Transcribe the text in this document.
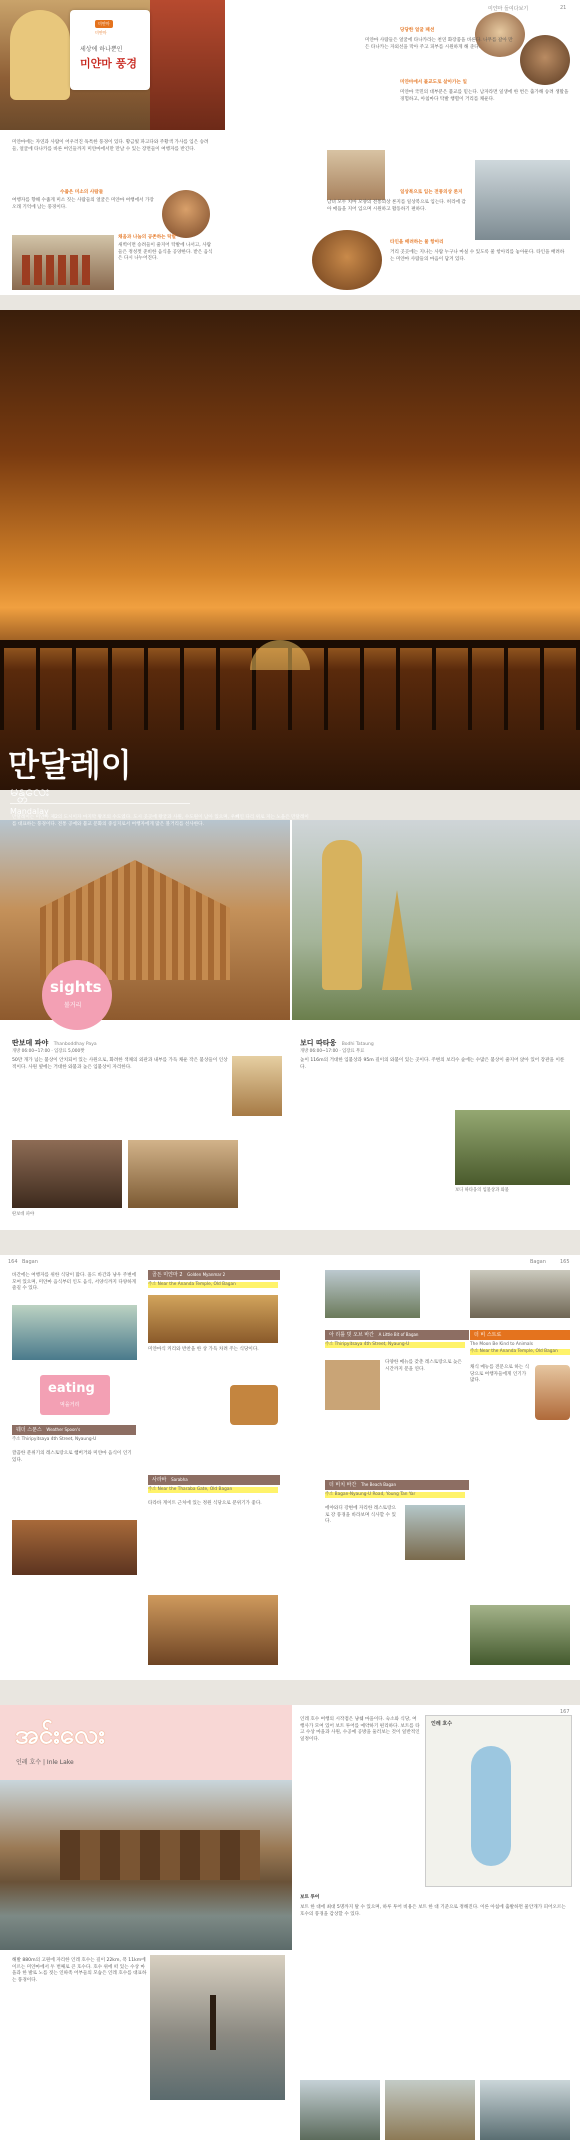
미얀마
미얀마
세상에 하나뿐인
미얀마 풍경
미얀마에는 자연과 사람이 어우러진 독특한 풍경이 있다. 황금빛 파고다와 주황색 가사를 입은 승려들, 얼굴에 타나카를 바른 여인들까지 미얀마에서만 만날 수 있는 장면들이 여행자를 반긴다.
수줍은 미소의 사람들
여행자를 향해 수줍게 미소 짓는 사람들의 얼굴은 미얀마 여행에서 가장 오래 기억에 남는 풍경이다.
채움과 나눔의 공존하는 탁발
새벽이면 승려들이 줄지어 탁발에 나서고, 사람들은 정성껏 준비한 음식을 공양한다. 받은 음식은 다시 나누어진다.
미얀마 들여다보기	21
당당한 얼굴 패션
미얀마 사람들은 얼굴에 타나카라는 천연 화장품을 바른다. 나무를 갈아 만든 타나카는 자외선을 막아 주고 피부를 시원하게 해 준다.
미얀마에서 불교도로 살아가는 일
미얀마 국민의 대부분은 불교를 믿는다. 남자라면 일생에 한 번은 출가해 승려 생활을 경험하고, 아침마다 탁발 행렬이 거리를 채운다.
일상복으로 입는 전통의상 론지
남녀 모두 치마 모양의 전통의상 론지를 일상복으로 입는다. 허리에 감아 매듭을 지어 입으며 시원하고 활동하기 편하다.
타인을 배려하는 물 항아리
거리 곳곳에는 지나는 사람 누구나 마실 수 있도록 물 항아리를 놓아둔다. 타인을 배려하는 미얀마 사람들의 마음이 담겨 있다.
만달레이
မန္တလေး
Mandalay
만달레이는 미얀마 제2의 도시이자 마지막 왕조의 수도였다. 도시 곳곳에 왕궁과 사원, 수도원이 남아 있으며, 우뻬인 다리 위로 지는 노을은 만달레이를 대표하는 풍경이다. 전통 공예와 불교 문화의 중심지로서 여행자에게 많은 볼거리를 선사한다.
sights
볼거리
딴보데 파야 Thanboddhay Paya
개방 06:00~17:00 · 입장료 5,000짯
50만 개가 넘는 불상이 안치되어 있는 사원으로, 화려한 색채의 외관과 내부를 가득 채운 작은 불상들이 인상적이다. 사원 옆에는 거대한 와불과 높은 입불상이 자리한다.
딴보데 파야
보디 따타웅 Bodhi Tataung
개방 06:00~17:00 · 입장료 무료
높이 116m의 거대한 입불상과 95m 길이의 와불이 있는 곳이다. 주변의 보리수 숲에는 수많은 불상이 줄지어 앉아 있어 장관을 이룬다.
보디 따타웅의 입불상과 와불
164 Bagan	Bagan	165
바간에는 여행자를 위한 식당이 많다. 올드 바간과 냥우 주변에 모여 있으며, 미얀마 음식부터 인도 음식, 서양식까지 다양하게 즐길 수 있다.
eating
먹을거리
웨더 스푼스 Weather Spoon's
주소 Thiripyitsaya 4th Street, Nyaung-U
깔끔한 분위기의 레스토랑으로 햄버거와 미얀마 음식이 인기 있다.
골든 미얀마 2 Golden Myanmar 2
주소 Near the Ananda Temple, Old Bagan
미얀마식 커리와 반찬을 한 상 가득 차려 주는 식당이다.
사라바 Sarabha
주소 Near the Tharaba Gate, Old Bagan
타라바 게이트 근처에 있는 정원 식당으로 분위기가 좋다.
아 리틀 빗 오브 바간 A Little Bit of Bagan
주소 Thiripyitsaya 4th Street, Nyaung-U
다양한 메뉴를 갖춘 레스토랑으로 늦은 시간까지 문을 연다.
더 비치 바간 The Beach Bagan
주소 Bagan-Nyaung-U Road, Young Tan Yar
에야와디 강변에 자리한 레스토랑으로 강 풍경을 바라보며 식사할 수 있다.
더 비 스트로
The Moon Be Kind to Animals
주소 Near the Ananda Temple, Old Bagan
채식 메뉴를 전문으로 하는 식당으로 여행자들에게 인기가 많다.
အင်းလေး
인레 호수 | Inle Lake
해발 880m의 고원에 자리한 인레 호수는 길이 22km, 폭 11km에 이르는 미얀마에서 두 번째로 큰 호수다. 호수 위에 떠 있는 수상 마을과 한 발로 노를 젓는 인따족 어부들의 모습은 인레 호수를 대표하는 풍경이다.
167
인레 호수 여행의 시작점은 냥쉐 마을이다. 숙소와 식당, 여행사가 모여 있어 보트 투어를 예약하기 편리하다. 보트를 타고 수상 마을과 사원, 수공예 공방을 둘러보는 것이 일반적인 일정이다.
인레 호수
보트 투어
보트 한 대에 최대 5명까지 탈 수 있으며, 하루 투어 비용은 보트 한 대 기준으로 정해진다. 이른 아침에 출발하면 물안개가 피어오르는 호수의 풍경을 감상할 수 있다.
